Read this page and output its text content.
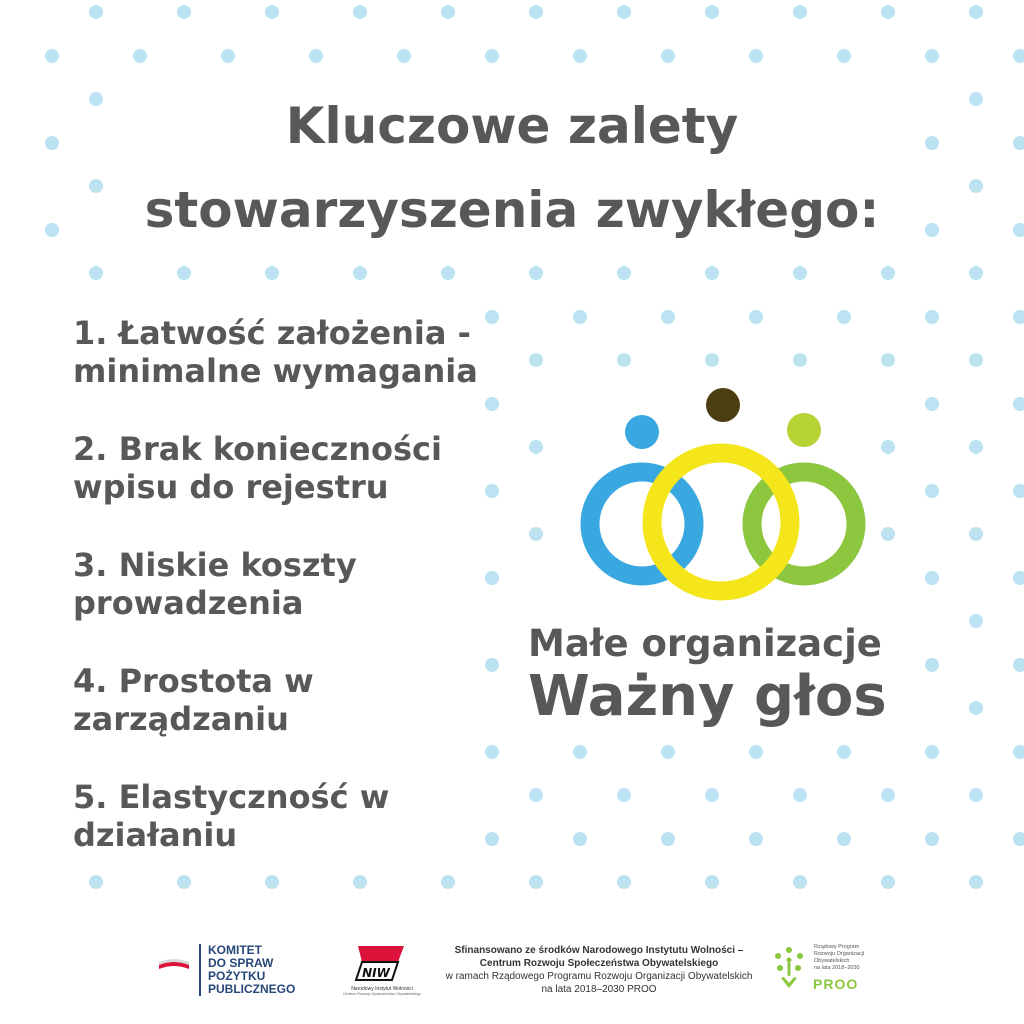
Kluczowe zalety
stowarzyszenia zwykłego:
1. Łatwość założenia -
minimalne wymagania
2. Brak konieczności
wpisu do rejestru
3. Niskie koszty
prowadzenia
4. Prostota w
zarządzaniu
5. Elastyczność w
działaniu
Małe organizacje
Ważny głos
KOMITET
DO SPRAW
POŻYTKU
PUBLICZNEGO
NIW
Narodowy Instytut Wolności
Centrum Rozwoju Społeczeństwa Obywatelskiego
Sfinansowano ze środków Narodowego Instytutu Wolności –
Centrum Rozwoju Społeczeństwa Obywatelskiego
w ramach Rządowego Programu Rozwoju Organizacji Obywatelskich
na lata 2018–2030 PROO
Rządowy Program
Rozwoju Organizacji
Obywatelskich
na lata 2018–2030
PROO
